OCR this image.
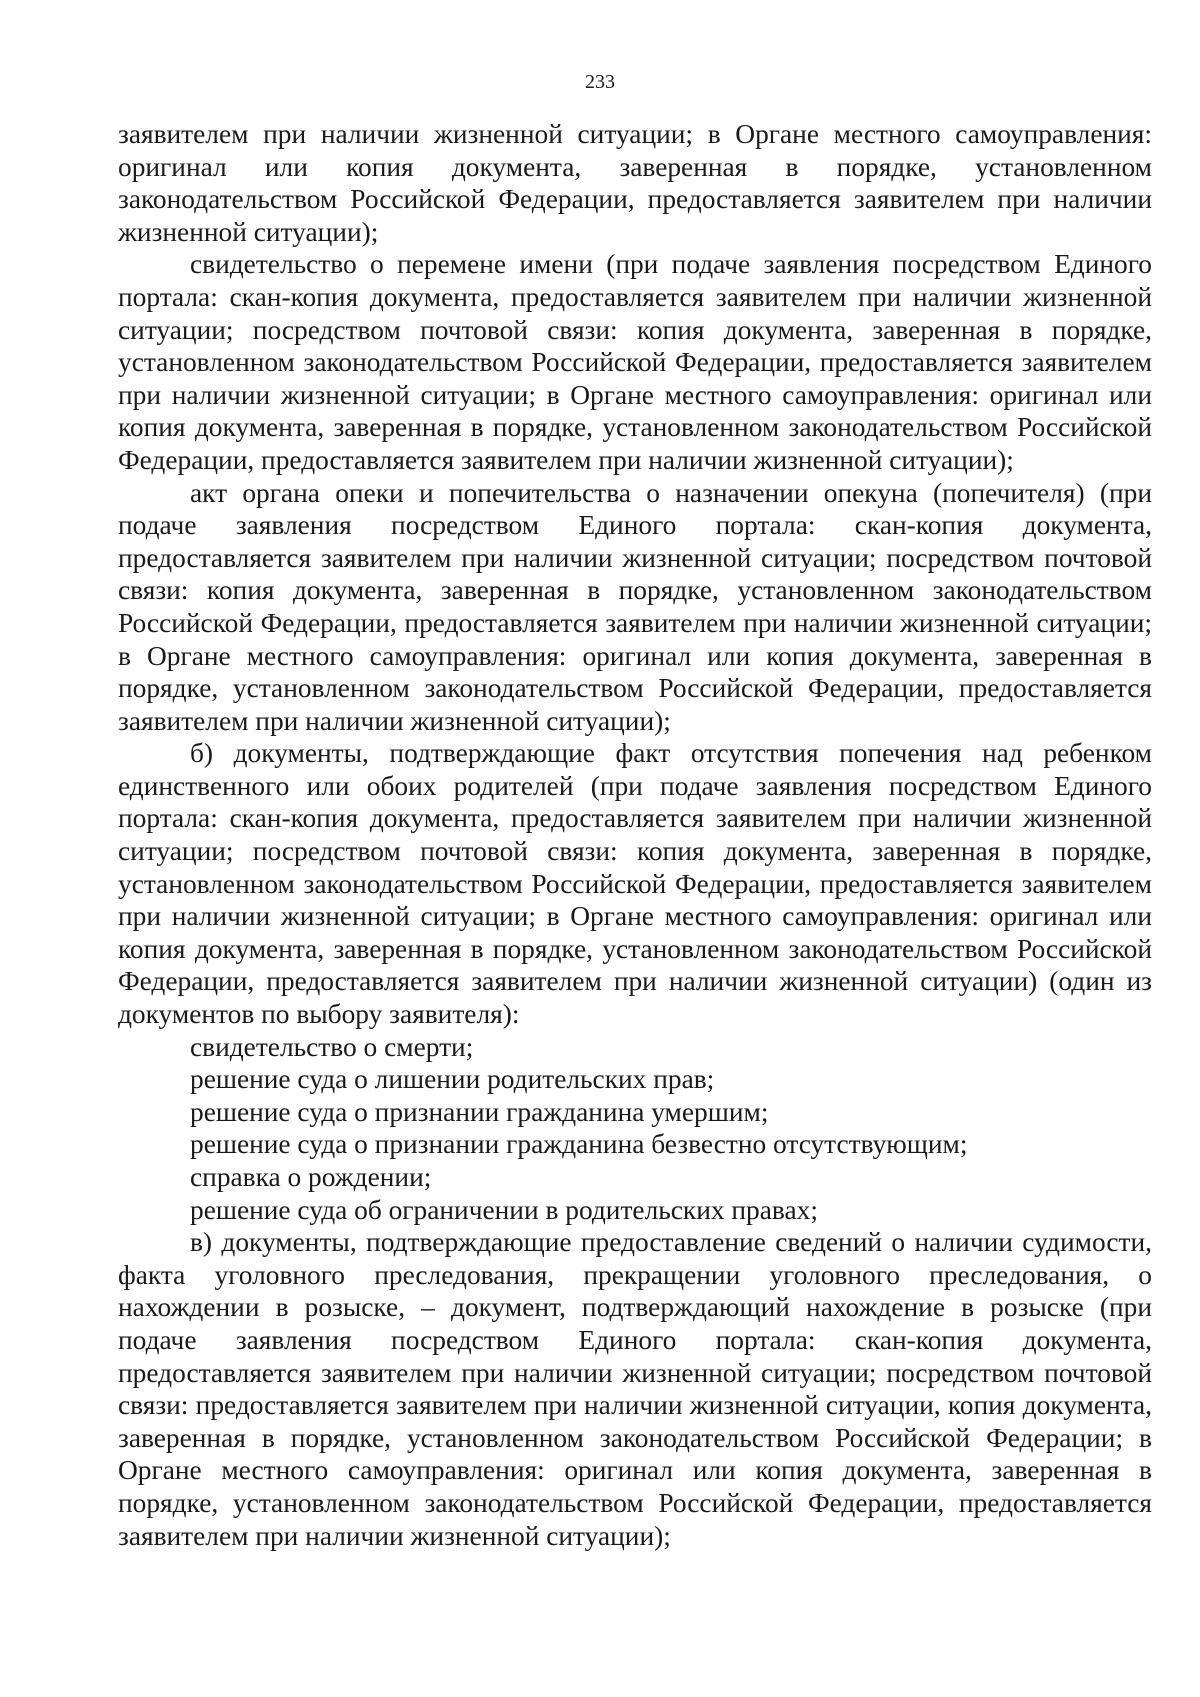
233

заявителем при наличии жизненной ситуации; в Органе местного самоуправления: оригинал или копия документа, заверенная в порядке, установленном законодательством Российской Федерации, предоставляется заявителем при наличии жизненной ситуации);

свидетельство о перемене имени (при подаче заявления посредством Единого портала: скан-копия документа, предоставляется заявителем при наличии жизненной ситуации; посредством почтовой связи: копия документа, заверенная в порядке, установленном законодательством Российской Федерации, предоставляется заявителем при наличии жизненной ситуации; в Органе местного самоуправления: оригинал или копия документа, заверенная в порядке, установленном законодательством Российской Федерации, предоставляется заявителем при наличии жизненной ситуации);

акт органа опеки и попечительства о назначении опекуна (попечителя) (при подаче заявления посредством Единого портала: скан-копия документа, предоставляется заявителем при наличии жизненной ситуации; посредством почтовой связи: копия документа, заверенная в порядке, установленном законодательством Российской Федерации, предоставляется заявителем при наличии жизненной ситуации; в Органе местного самоуправления: оригинал или копия документа, заверенная в порядке, установленном законодательством Российской Федерации, предоставляется заявителем при наличии жизненной ситуации);

б) документы, подтверждающие факт отсутствия попечения над ребенком единственного или обоих родителей (при подаче заявления посредством Единого портала: скан-копия документа, предоставляется заявителем при наличии жизненной ситуации; посредством почтовой связи: копия документа, заверенная в порядке, установленном законодательством Российской Федерации, предоставляется заявителем при наличии жизненной ситуации; в Органе местного самоуправления: оригинал или копия документа, заверенная в порядке, установленном законодательством Российской Федерации, предоставляется заявителем при наличии жизненной ситуации) (один из документов по выбору заявителя):

свидетельство о смерти;

решение суда о лишении родительских прав;

решение суда о признании гражданина умершим;

решение суда о признании гражданина безвестно отсутствующим;

справка о рождении;

решение суда об ограничении в родительских правах;

в) документы, подтверждающие предоставление сведений о наличии судимости, факта уголовного преследования, прекращении уголовного преследования, о нахождении в розыске, – документ, подтверждающий нахождение в розыске (при подаче заявления посредством Единого портала: скан-копия документа, предоставляется заявителем при наличии жизненной ситуации; посредством почтовой связи: предоставляется заявителем при наличии жизненной ситуации, копия документа, заверенная в порядке, установленном законодательством Российской Федерации; в Органе местного самоуправления: оригинал или копия документа, заверенная в порядке, установленном законодательством Российской Федерации, предоставляется заявителем при наличии жизненной ситуации);
